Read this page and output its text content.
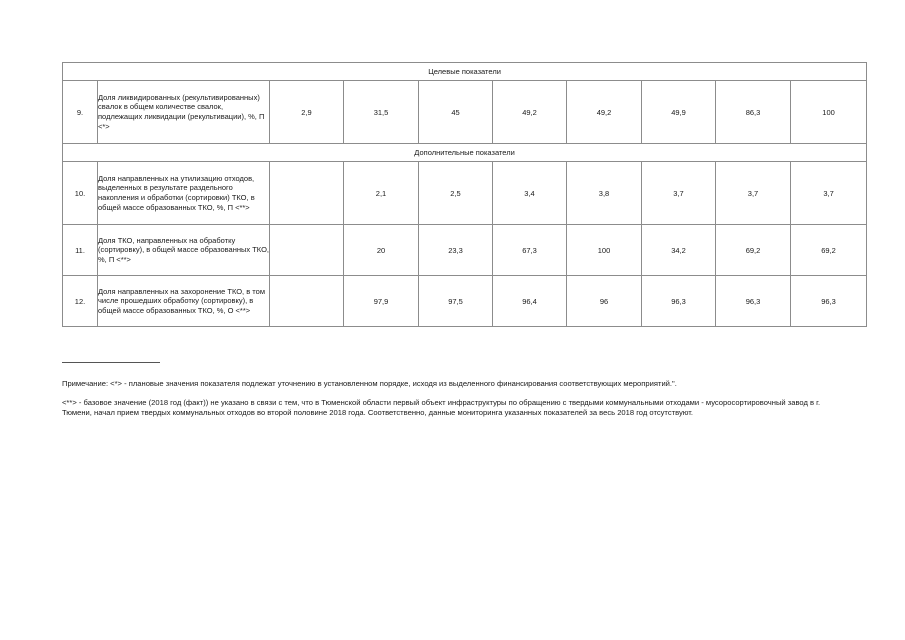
Целевые показатели									
9.	Доля ликвидированных (рекультивированных) свалок в общем количестве свалок, подлежащих ликвидации (рекультивации), %, П <*>	2,9	31,5	45	49,2	49,2	49,9	86,3	100
Дополнительные показатели									
10.	Доля направленных на утилизацию отходов, выделенных в результате раздельного накопления и обработки (сортировки) ТКО, в общей массе образованных ТКО, %, П <**>		2,1	2,5	3,4	3,8	3,7	3,7	3,7
11.	Доля ТКО, направленных на обработку (сортировку), в общей массе образованных ТКО, %, П <**>		20	23,3	67,3	100	34,2	69,2	69,2
12.	Доля направленных на захоронение ТКО, в том числе прошедших обработку (сортировку), в общей массе образованных ТКО, %, О <**>		97,9	97,5	96,4	96	96,3	96,3	96,3
Примечание: <*> - плановые значения показателя подлежат уточнению в установленном порядке, исходя из выделенного финансирования соответствующих мероприятий.".
<**> - базовое значение (2018 год (факт)) не указано в связи с тем, что в Тюменской области первый объект инфраструктуры по обращению с твердыми коммунальными отходами - мусоросортировочный завод в г. Тюмени, начал прием твердых коммунальных отходов во второй половине 2018 года. Соответственно, данные мониторинга указанных показателей за весь 2018 год отсутствуют.
